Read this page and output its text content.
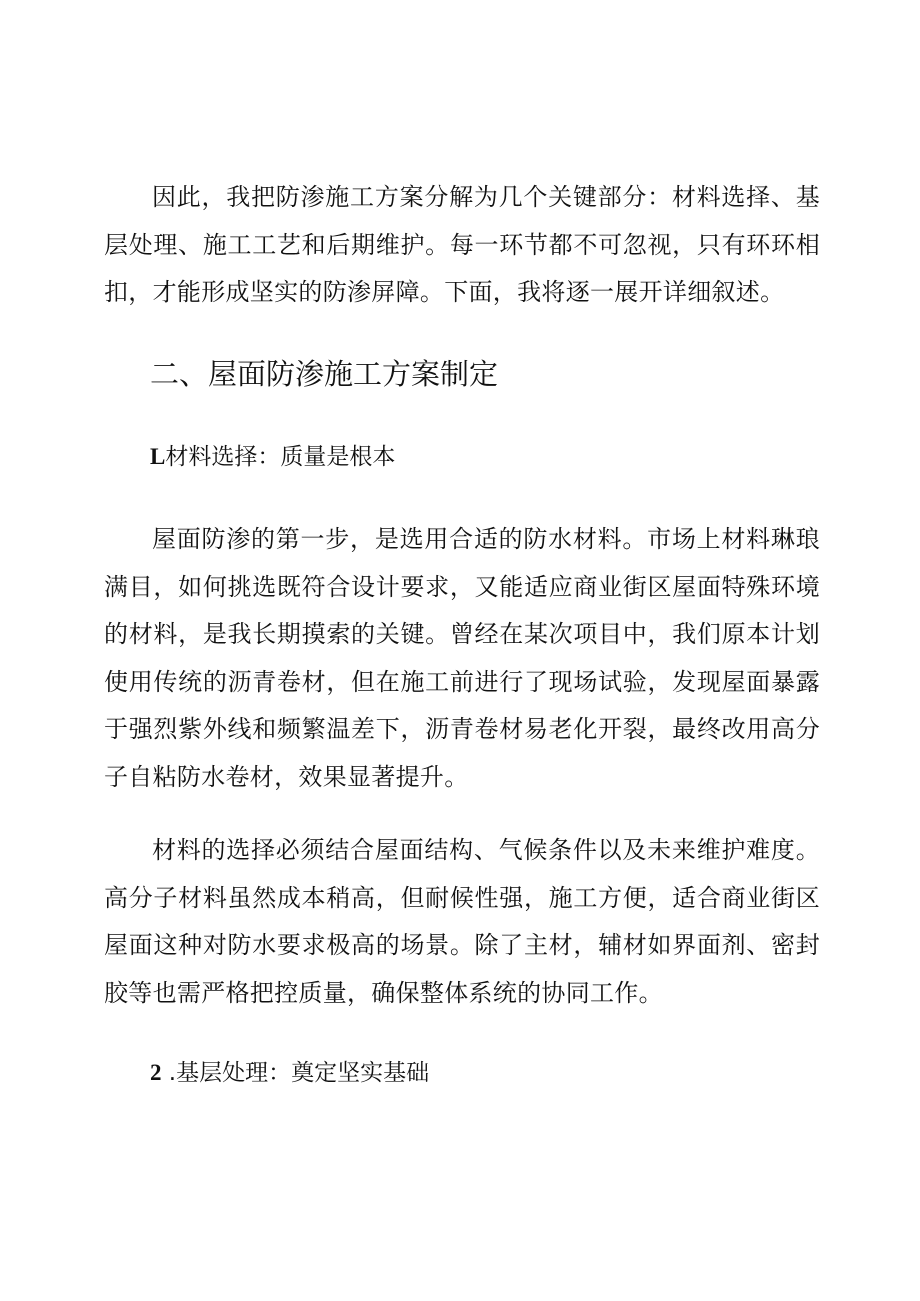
因此，我把防渗施工方案分解为几个关键部分：材料选择、基层处理、施工工艺和后期维护。每一环节都不可忽视，只有环环相扣，才能形成坚实的防渗屏障。下面，我将逐一展开详细叙述。

二、屋面防渗施工方案制定
L材料选择：质量是根本

屋面防渗的第一步，是选用合适的防水材料。市场上材料琳琅满目，如何挑选既符合设计要求，又能适应商业街区屋面特殊环境的材料，是我长期摸索的关键。曾经在某次项目中，我们原本计划使用传统的沥青卷材，但在施工前进行了现场试验，发现屋面暴露于强烈紫外线和频繁温差下，沥青卷材易老化开裂，最终改用高分子自粘防水卷材，效果显著提升。

材料的选择必须结合屋面结构、气候条件以及未来维护难度。高分子材料虽然成本稍高，但耐候性强，施工方便，适合商业街区屋面这种对防水要求极高的场景。除了主材，辅材如界面剂、密封胶等也需严格把控质量，确保整体系统的协同工作。

2 .基层处理：奠定坚实基础
